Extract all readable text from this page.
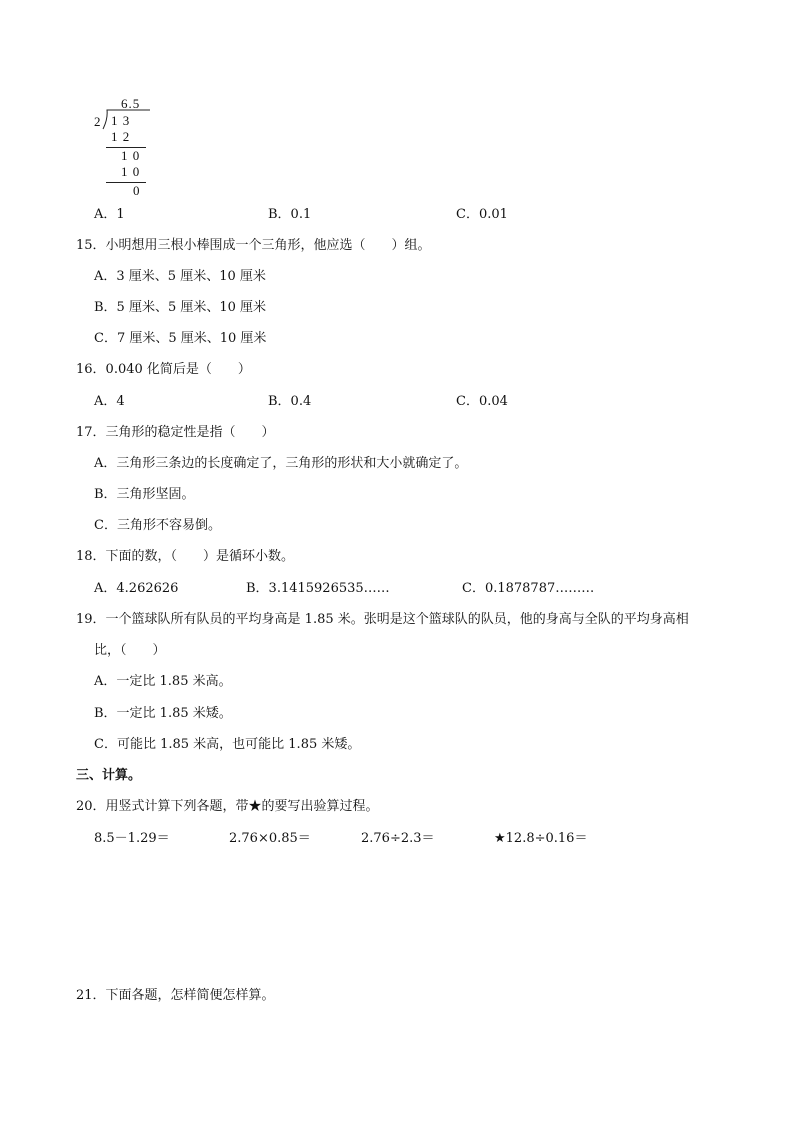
6.5
2 1 3
1 2
1 0
1 0
0
A．1	B．0.1	C．0.01
15．小明想用三根小棒围成一个三角形，他应选（　　）组。
A．3 厘米、5 厘米、10 厘米
B．5 厘米、5 厘米、10 厘米
C．7 厘米、5 厘米、10 厘米
16．0.040 化简后是（　　）
A．4	B．0.4	C．0.04
17．三角形的稳定性是指（　　）
A．三角形三条边的长度确定了，三角形的形状和大小就确定了。
B．三角形坚固。
C．三角形不容易倒。
18．下面的数，（　　）是循环小数。
A．4.262626	B．3.1415926535……	C．0.1878787………
19．一个篮球队所有队员的平均身高是 1.85 米。张明是这个篮球队的队员，他的身高与全队的平均身高相
比，（　　）
A．一定比 1.85 米高。
B．一定比 1.85 米矮。
C．可能比 1.85 米高，也可能比 1.85 米矮。
三、计算。
20．用竖式计算下列各题，带★的要写出验算过程。
8.5－1.29＝	2.76×0.85＝	2.76÷2.3＝	★12.8÷0.16＝
21．下面各题，怎样简便怎样算。
